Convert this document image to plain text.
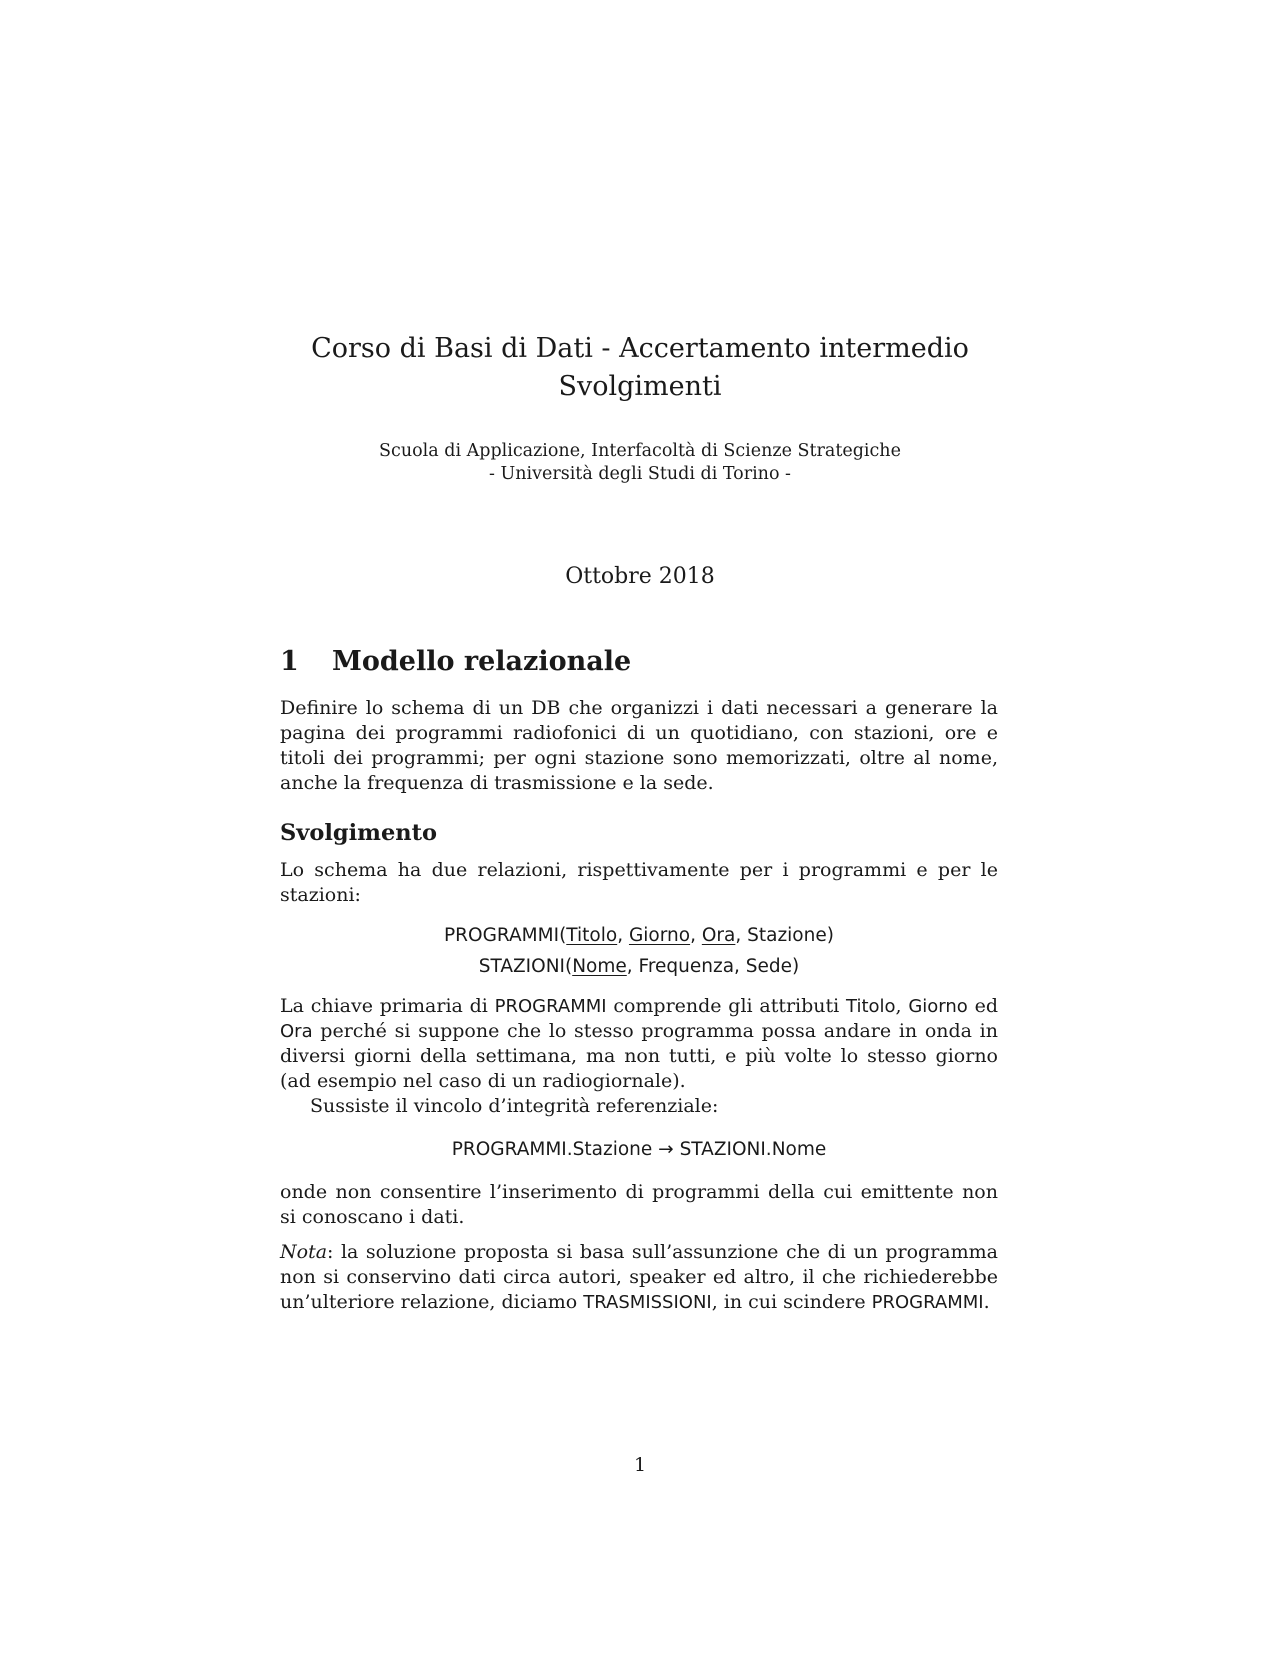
Corso di Basi di Dati - Accertamento intermedio
Svolgimenti
Scuola di Applicazione, Interfacoltà di Scienze Strategiche
- Università degli Studi di Torino -
Ottobre 2018
1 Modello relazionale

Definire lo schema di un DB che organizzi i dati necessari a generare la pagina dei programmi radiofonici di un quotidiano, con stazioni, ore e titoli dei programmi; per ogni stazione sono memorizzati, oltre al nome, anche la frequenza di trasmissione e la sede.

Svolgimento

Lo schema ha due relazioni, rispettivamente per i programmi e per le stazioni:

PROGRAMMI(Titolo, Giorno, Ora, Stazione)
STAZIONI(Nome, Frequenza, Sede)

La chiave primaria di PROGRAMMI comprende gli attributi Titolo, Giorno ed Ora perché si suppone che lo stesso programma possa andare in onda in diversi giorni della settimana, ma non tutti, e più volte lo stesso giorno (ad esempio nel caso di un radiogiornale).

Sussiste il vincolo d’integrità referenziale:

PROGRAMMI.Stazione → STAZIONI.Nome

onde non consentire l’inserimento di programmi della cui emittente non si conoscano i dati.

Nota: la soluzione proposta si basa sull’assunzione che di un programma non si conservino dati circa autori, speaker ed altro, il che richiederebbe un’ulteriore relazione, diciamo TRASMISSIONI, in cui scindere PROGRAMMI.

1
